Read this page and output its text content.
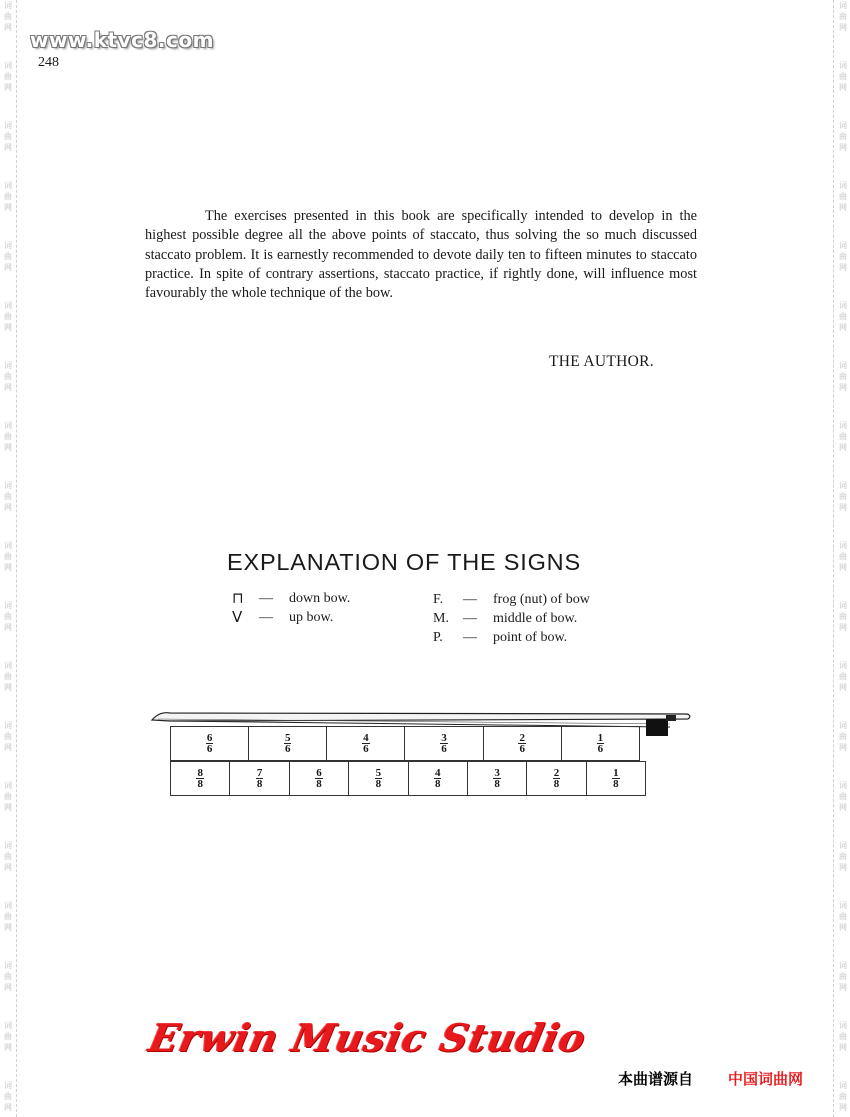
词
曲
网
词
曲
网
词
曲
网
词
曲
网
词
曲
网
词
曲
网
词
曲
网
词
曲
网
词
曲
网
词
曲
网
词
曲
网
词
曲
网
词
曲
网
词
曲
网
词
曲
网
词
曲
网
词
曲
网
词
曲
网
词
曲
网
词
曲
网
词
曲
网
词
曲
网
词
曲
网
词
曲
网
词
曲
网
词
曲
网
词
曲
网
词
曲
网
词
曲
网
词
曲
网
词
曲
网
词
曲
网
词
曲
网
词
曲
网
词
曲
网
词
曲
网
词
曲
网
词
曲
网
www.ktvc8.com
248
The exercises presented in this book are specifically intended to develop in the highest possible degree all the above points of staccato, thus solving the so much discussed staccato problem. It is earnestly recommended to devote daily ten to fifteen minutes to staccato practice. In spite of contrary assertions, staccato practice, if rightly done, will influence most favourably the whole technique of the bow.
THE AUTHOR.
EXPLANATION OF THE SIGNS
⊓	—	down bow.
V	—	up bow.
F.	—	frog (nut) of bow
M.	—	middle of bow.
P.	—	point of bow.
$\frac{6}{6}$	$\frac{5}{6}$	$\frac{4}{6}$	$\frac{3}{6}$	$\frac{2}{6}$	$\frac{1}{6}$
$\frac{8}{8}$	$\frac{7}{8}$	$\frac{6}{8}$	$\frac{5}{8}$	$\frac{4}{8}$	$\frac{3}{8}$	$\frac{2}{8}$	$\frac{1}{8}$
Erwin Music Studio
本曲谱源自 中国词曲网
